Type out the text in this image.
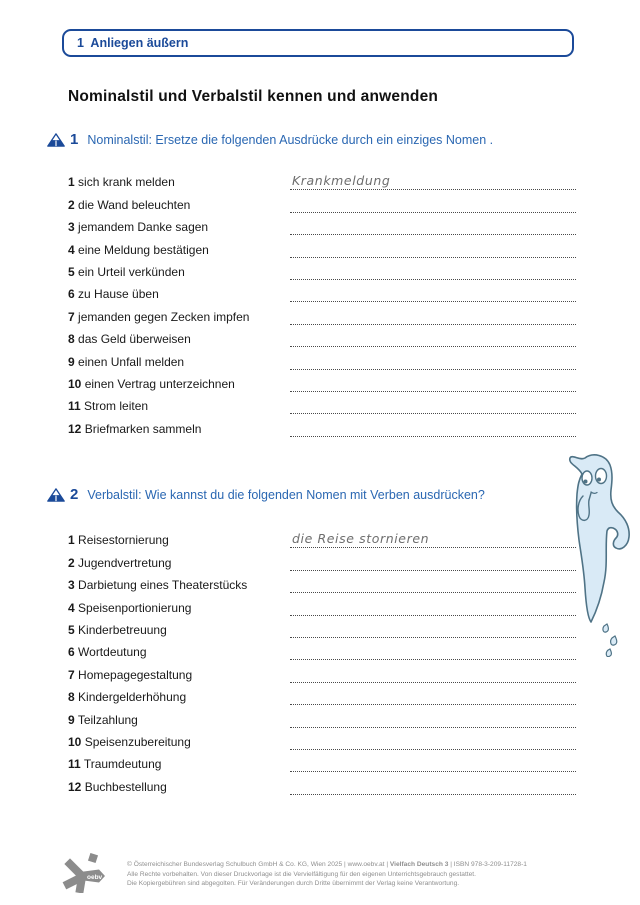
1  Anliegen äußern
Nominalstil und Verbalstil kennen und anwenden
1 Nominalstil: Ersetze die folgenden Ausdrücke durch ein einziges Nomen .
1 sich krank melden	Krankmeldung
2 die Wand beleuchten
3 jemandem Danke sagen
4 eine Meldung bestätigen
5 ein Urteil verkünden
6 zu Hause üben
7 jemanden gegen Zecken impfen
8 das Geld überweisen
9 einen Unfall melden
10 einen Vertrag unterzeichnen
11 Strom leiten
12 Briefmarken sammeln
2 Verbalstil: Wie kannst du die folgenden Nomen mit Verben ausdrücken?
1 Reisestornierung	die Reise stornieren
2 Jugendvertretung
3 Darbietung eines Theaterstücks
4 Speisenportionierung
5 Kinderbetreuung
6 Wortdeutung
7 Homepagegestaltung
8 Kindergelderhöhung
9 Teilzahlung
10 Speisenzubereitung
11 Traumdeutung
12 Buchbestellung
oebv
© Österreichischer Bundesverlag Schulbuch GmbH & Co. KG, Wien 2025 | www.oebv.at | Vielfach Deutsch 3 | ISBN 978-3-209-11728-1
Alle Rechte vorbehalten. Von dieser Druckvorlage ist die Vervielfältigung für den eigenen Unterrichtsgebrauch gestattet.
Die Kopiergebühren sind abgegolten. Für Veränderungen durch Dritte übernimmt der Verlag keine Verantwortung.
